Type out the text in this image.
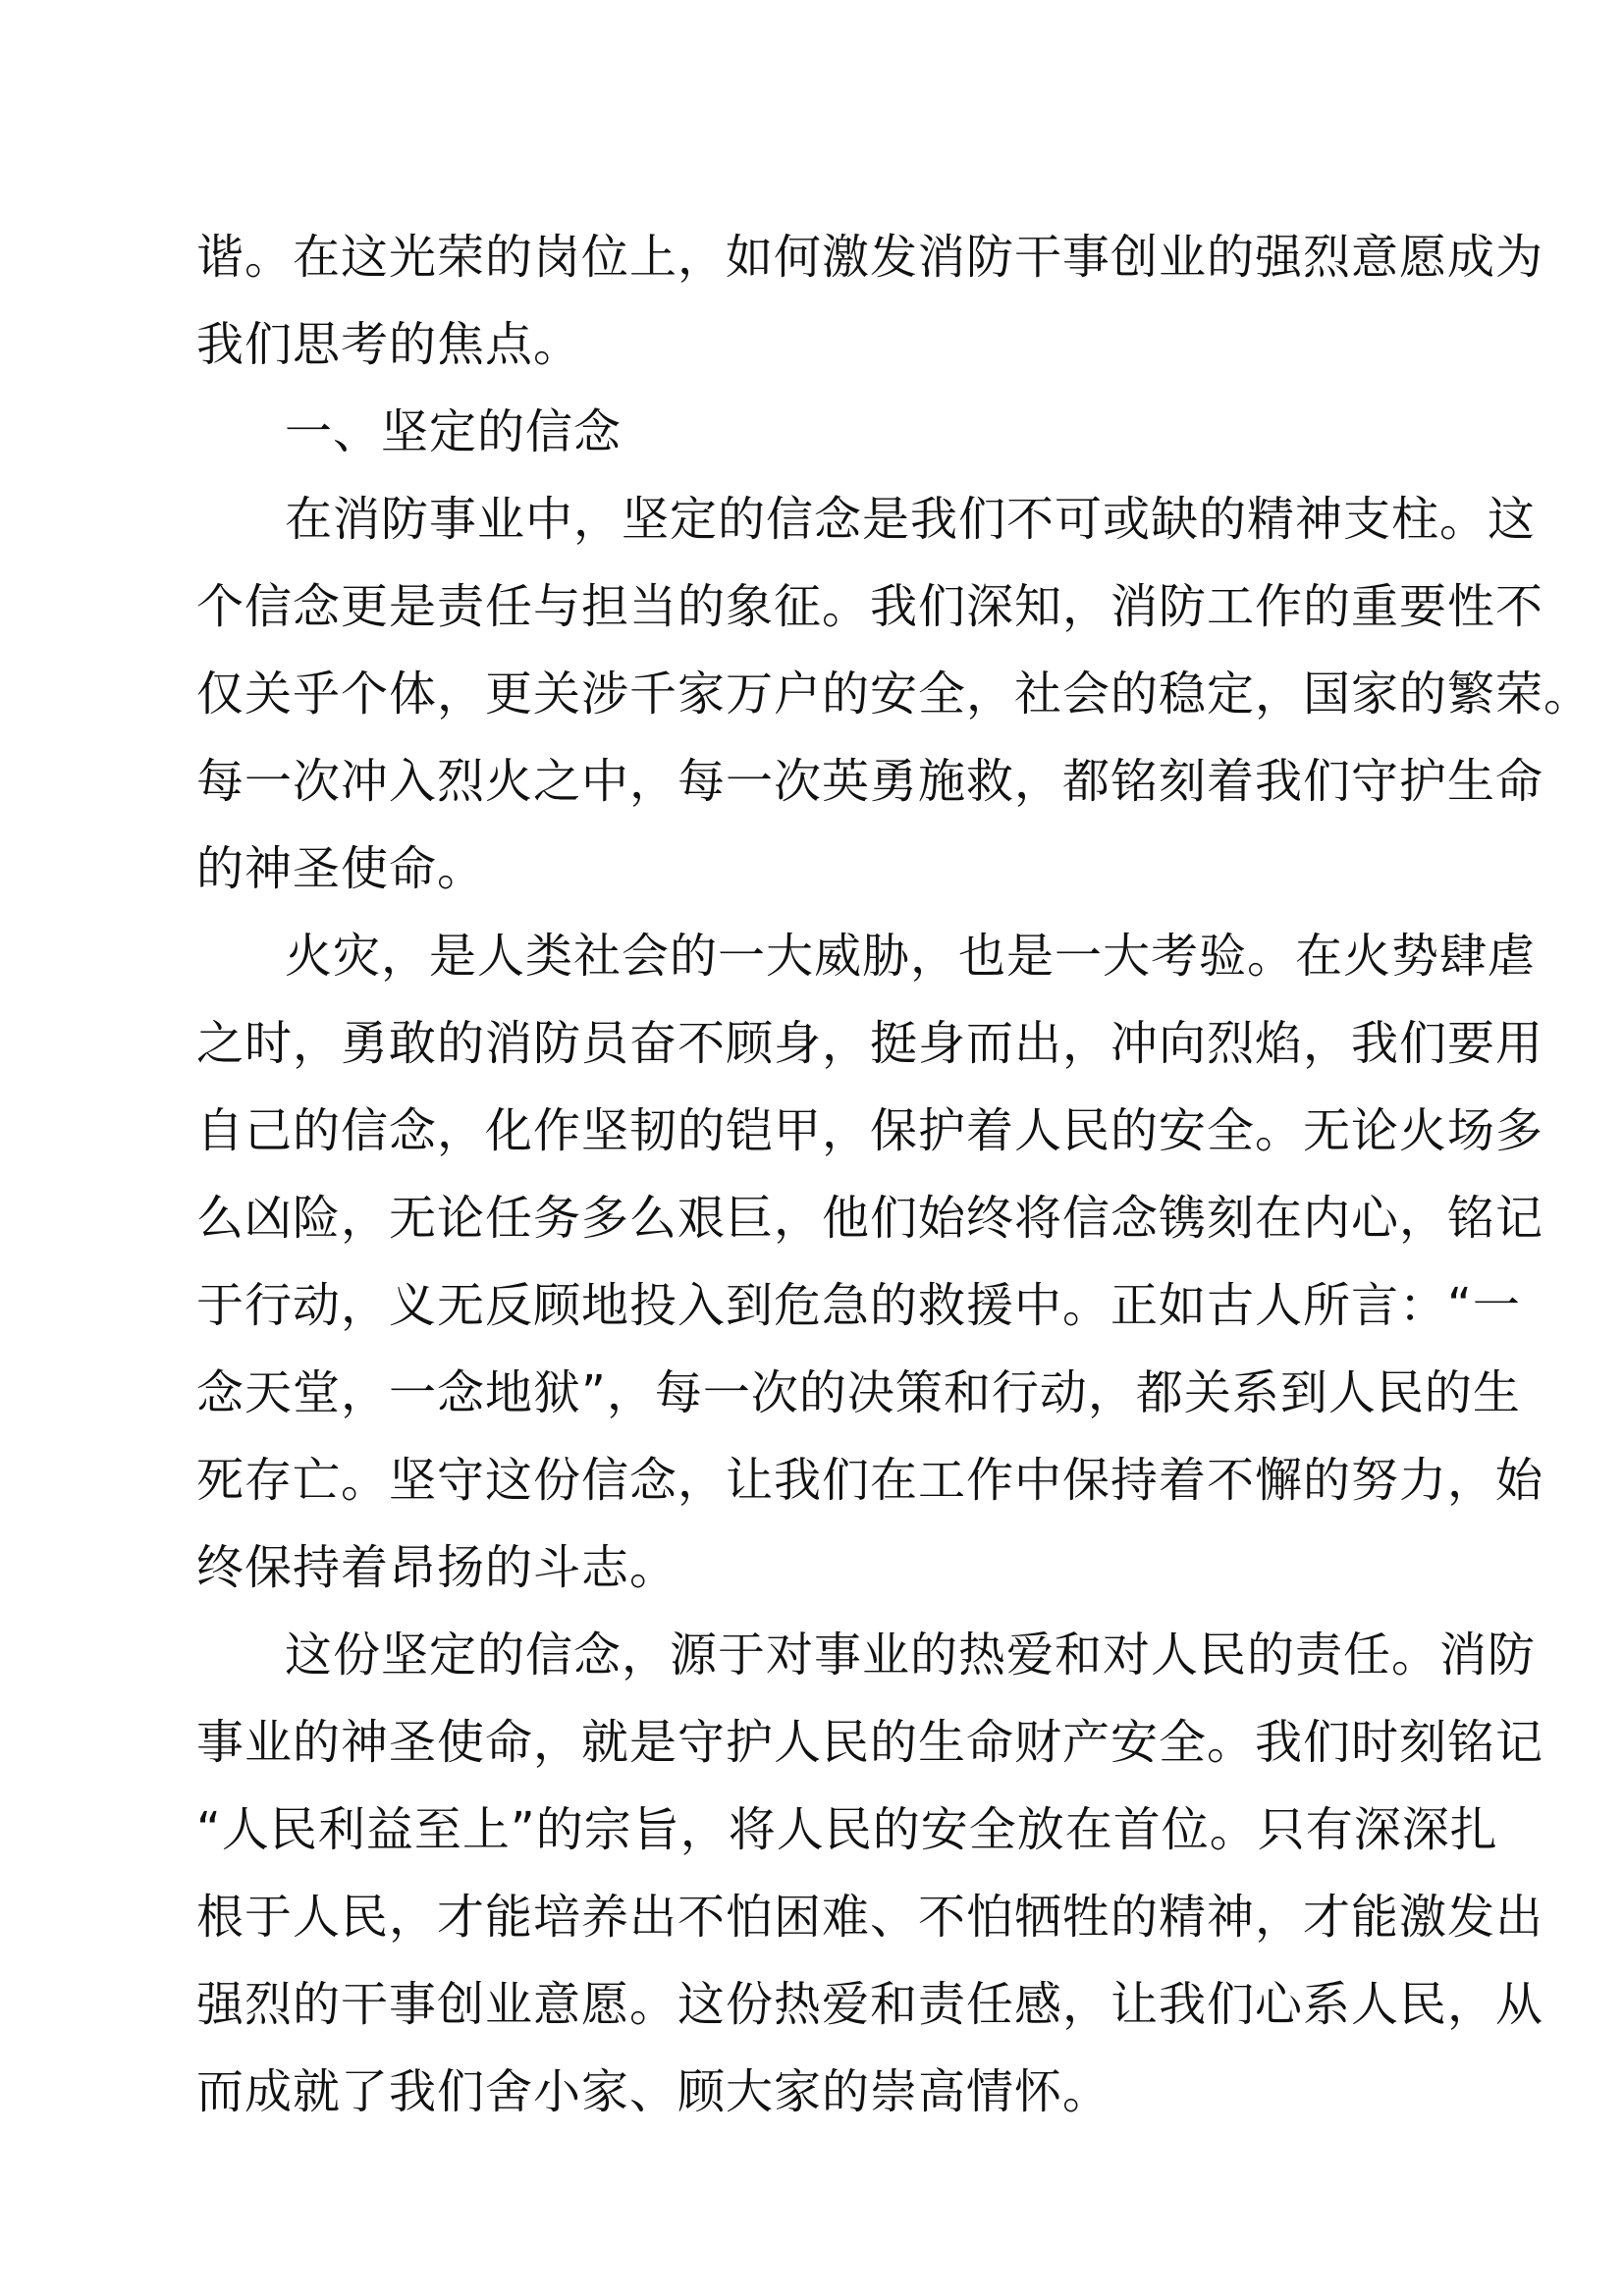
谐。在这光荣的岗位上，如何激发消防干事创业的强烈意愿成为
我们思考的焦点。
一、坚定的信念
在消防事业中，坚定的信念是我们不可或缺的精神支柱。这
个信念更是责任与担当的象征。我们深知，消防工作的重要性不
仅关乎个体，更关涉千家万户的安全，社会的稳定，国家的繁荣。
每一次冲入烈火之中，每一次英勇施救，都铭刻着我们守护生命
的神圣使命。
火灾，是人类社会的一大威胁，也是一大考验。在火势肆虐
之时，勇敢的消防员奋不顾身，挺身而出，冲向烈焰，我们要用
自己的信念，化作坚韧的铠甲，保护着人民的安全。无论火场多
么凶险，无论任务多么艰巨，他们始终将信念镌刻在内心，铭记
于行动，义无反顾地投入到危急的救援中。正如古人所言：“一
念天堂，一念地狱”，每一次的决策和行动，都关系到人民的生
死存亡。坚守这份信念，让我们在工作中保持着不懈的努力，始
终保持着昂扬的斗志。
这份坚定的信念，源于对事业的热爱和对人民的责任。消防
事业的神圣使命，就是守护人民的生命财产安全。我们时刻铭记
“人民利益至上”的宗旨，将人民的安全放在首位。只有深深扎
根于人民，才能培养出不怕困难、不怕牺牲的精神，才能激发出
强烈的干事创业意愿。这份热爱和责任感，让我们心系人民，从
而成就了我们舍小家、顾大家的崇高情怀。
